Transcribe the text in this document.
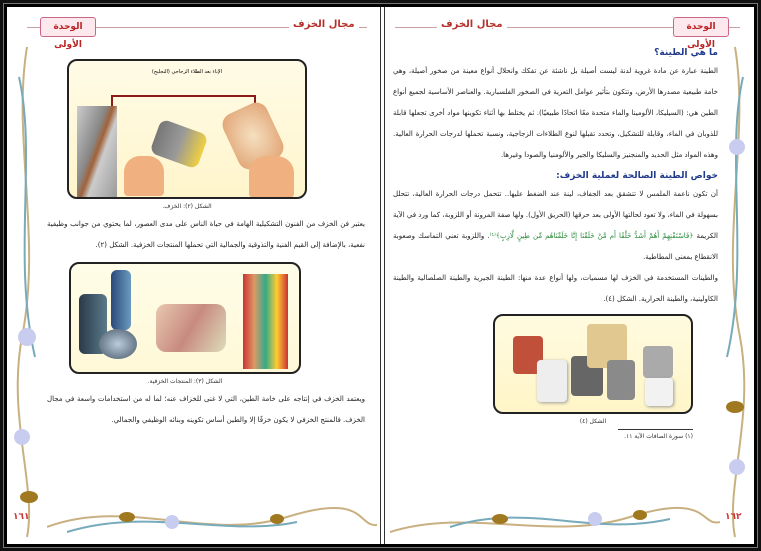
الوحدة الأولى
مجال الخزف
الإناء بعد الطلاء الزجاجي (التجليج)
الشكل (٢): الخزف.
يعتبر فن الخزف من الفنون التشكيلية الهامة في حياة الناس على مدى العصور، لما يحتوي من جوانب وظيفية نفعية، بالإضافة إلى القيم الفنية والتذوقية والجمالية التي تحملها المنتجات الخزفية. الشكل (٢).
الشكل (٣): المنتجات الخزفية.
ويعتمد الخزف في إنتاجه على خامة الطين، التي لا غنى للخزاف عنه؛ لما له من استخدامات واسعة في مجال الخزف. فالمنتج الخزفي لا يكون خزفًا إلا والطين أساس تكوينه وبنائه الوظيفي والجمالي.
١٦١
مجال الخزف	الوحدة الأولى
ما هي الطينة؟
الطينة عبارة عن مادة غروية لدنة ليست أصيلة بل ناشئة عن تفكك وانحلال أنواع معينة من صخور أصيلة، وهي خامة طبيعية مصدرها الأرض، وتتكون بتأثير عوامل التعرية في الصخور الفلسبارية. والعناصر الأساسية لجميع أنواع الطين هي: (السيليكا، الألومينا والماء متحدة معًا اتحادًا طبيعيًا). ثم يختلط بها أثناء تكوينها مواد أخرى تجعلها قابلة للذوبان في الماء، وقابلة للتشكيل، وتحدد تقبلها لنوع الطلاءات الزجاجية، ونسبة تحملها لدرجات الحرارة العالية. وهذه المواد مثل الحديد والمنجنيز والسليكا والجير والألومنيا والصودا وغيرها.
خواص الطينة الصالحة لعملية الخزف:
أن تكون ناعمة الملمس لا تتشقق بعد الجفاف، لينة عند الضغط عليها.. تتحمل درجات الحرارة العالية، تتحلل بسهولة في الماء، ولا تعود لحالتها الأولى بعد حرقها (الحريق الأول). ولها صفة المرونة أو اللزوبة، كما ورد في الآية الكريمة ﴿فَاسْتَفْتِهِمْ أَهُمْ أَشَدُّ خَلْقًا أَم مَّنْ خَلَقْنَا إِنَّا خَلَقْنَاهُم مِّن طِينٍ لَّازِبٍ﴾⁽¹⁾. واللزوبة تعني التماسك وصعوبة الانقطاع بمعنى المطاطية.
والطينات المستخدمة في الخزف لها مسميات، ولها أنواع عدة منها: الطينة الجيرية والطينة الصلصالية والطينة الكاولينية، والطينة الحرارية. الشكل (٤).
الشكل (٤)
(١) سورة الصافات الآية ١١.
١٦٢
